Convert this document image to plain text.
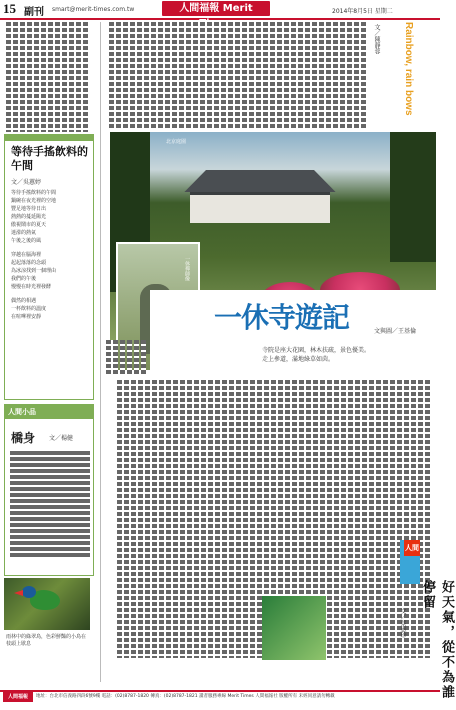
15 副刊 smart@merit-times.com.tw	人間福報 Merit	2014年8月5日 星期二
等待手搖飲料的午間
文／吳蕙婷
等待手搖飲料的午間
鍋碗在夜光裡的空地
豐足地等待日出
熱熱的蔓延陽光
傲視鬧市的夏天
迷濛的熱氣
午後之後的風
穿越在腦海裡
起起落落的念頭
為冰涼找到一個理由
我們的午後
慢慢在時光裡發酵
偶然的相遇
一杯飲料的溫度
在喧嘩裡安靜
人間小品
橋身 文／楊健
雨林中的綠翠鳥，色彩鮮豔的小鳥在枝頭上歇息
Rainbow, rain bows
文／陳靜蓉
北京庭園
一休禪師像
一休寺遊記	文與圖／王基倫
寺院是座大花園，林木扶疏，景色優美。
走上參道，滿地綠草如茵。
人間
好天氣，從不為誰停留
文／蔡惠珍
人間福報	地址：台北市信義路四段6號9樓 電話：(02)8787-1820 傳真：(02)8787-1821 讀者服務專線 Merit Times 人間福報社 版權所有 未經同意請勿轉載
